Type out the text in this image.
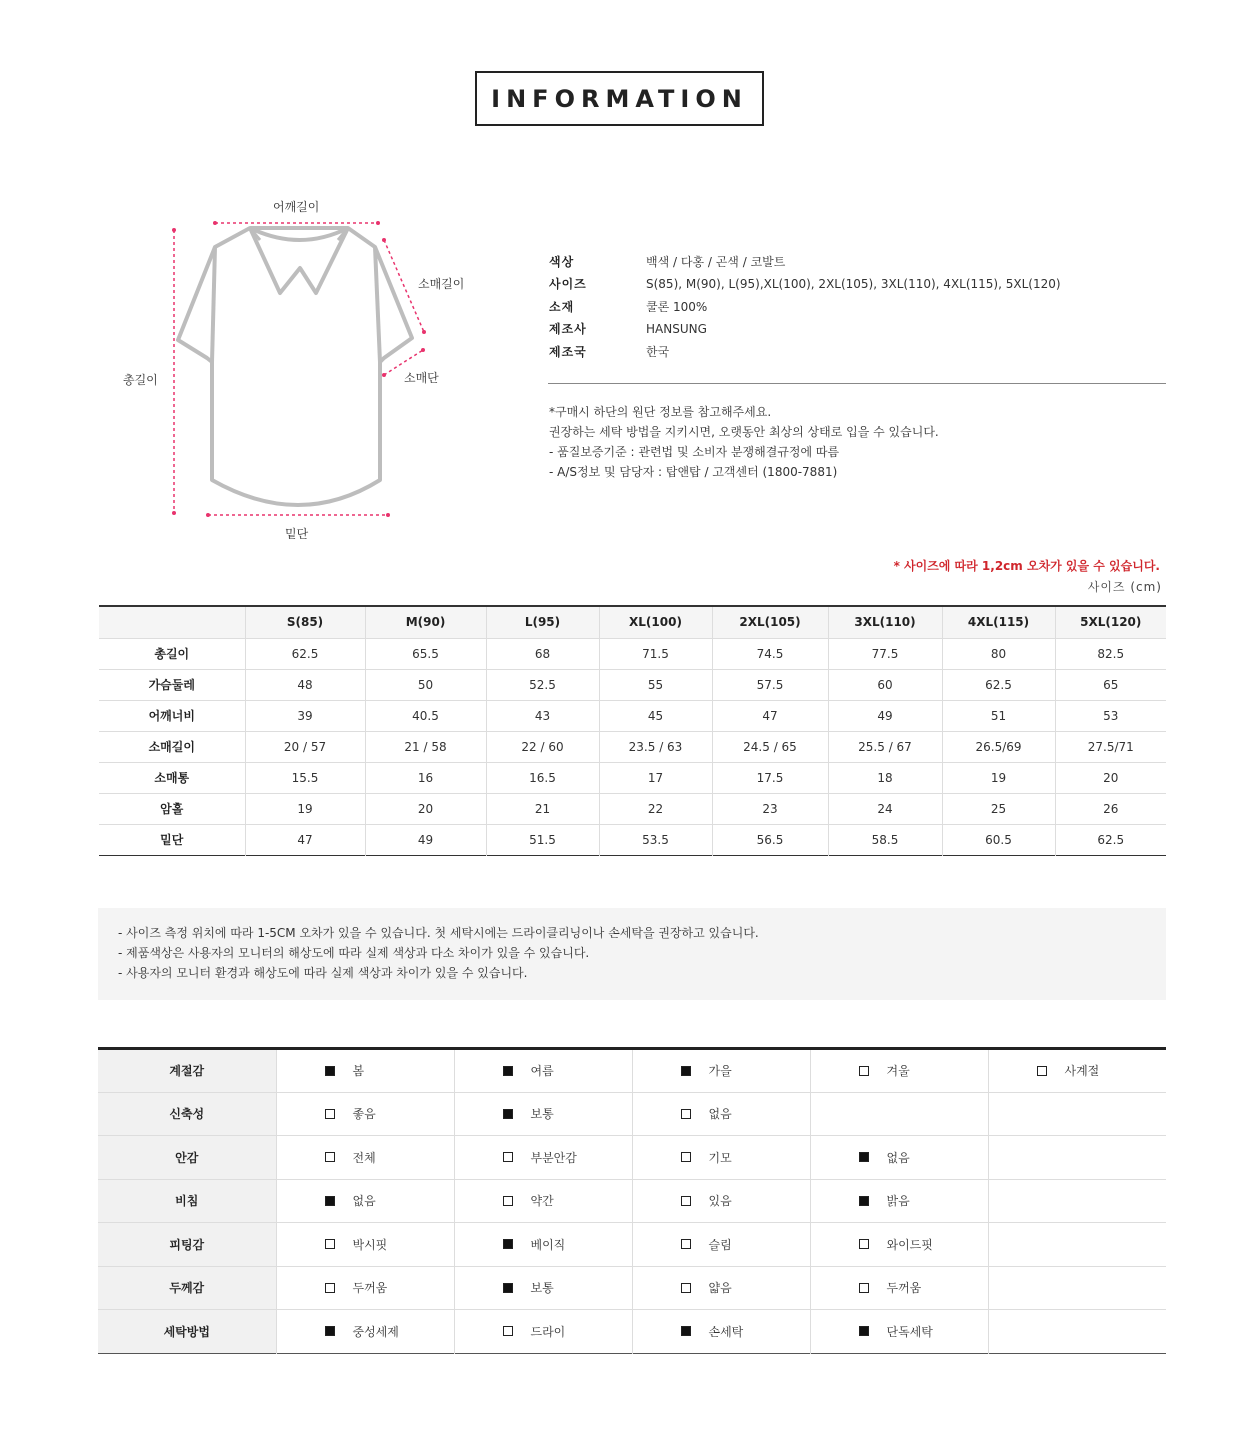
INFORMATION
어깨길이
소매길이
소매단
총길이
밑단
색상	백색 / 다홍 / 곤색 / 코발트
사이즈	S(85), M(90), L(95),XL(100), 2XL(105), 3XL(110), 4XL(115), 5XL(120)
소재	쿨론 100%
제조사	HANSUNG
제조국	한국
*구매시 하단의 원단 정보를 참고해주세요.
권장하는 세탁 방법을 지키시면, 오랫동안 최상의 상태로 입을 수 있습니다.
- 품질보증기준 : 관련법 및 소비자 분쟁해결규정에 따름
- A/S정보 및 담당자 : 탑앤탑 / 고객센터 (1800-7881)
* 사이즈에 따라 1,2cm 오차가 있을 수 있습니다.
사이즈 (cm)
	S(85)	M(90)	L(95)	XL(100)	2XL(105)	3XL(110)	4XL(115)	5XL(120)
총길이	62.5	65.5	68	71.5	74.5	77.5	80	82.5
가슴둘레	48	50	52.5	55	57.5	60	62.5	65
어깨너비	39	40.5	43	45	47	49	51	53
소매길이	20 / 57	21 / 58	22 / 60	23.5 / 63	24.5 / 65	25.5 / 67	26.5/69	27.5/71
소매통	15.5	16	16.5	17	17.5	18	19	20
암홀	19	20	21	22	23	24	25	26
밑단	47	49	51.5	53.5	56.5	58.5	60.5	62.5
- 사이즈 측정 위치에 따라 1-5CM 오차가 있을 수 있습니다. 첫 세탁시에는 드라이클리닝이나 손세탁을 권장하고 있습니다.
- 제품색상은 사용자의 모니터의 해상도에 따라 실제 색상과 다소 차이가 있을 수 있습니다.
- 사용자의 모니터 환경과 해상도에 따라 실제 색상과 차이가 있을 수 있습니다.
계절감	봄	여름	가을	겨울	사계절
신축성	좋음	보통	없음		
안감	전체	부분안감	기모	없음	
비침	없음	약간	있음	밝음	
피팅감	박시핏	베이직	슬림	와이드핏	
두께감	두꺼움	보통	얇음	두꺼움	
세탁방법	중성세제	드라이	손세탁	단독세탁	
